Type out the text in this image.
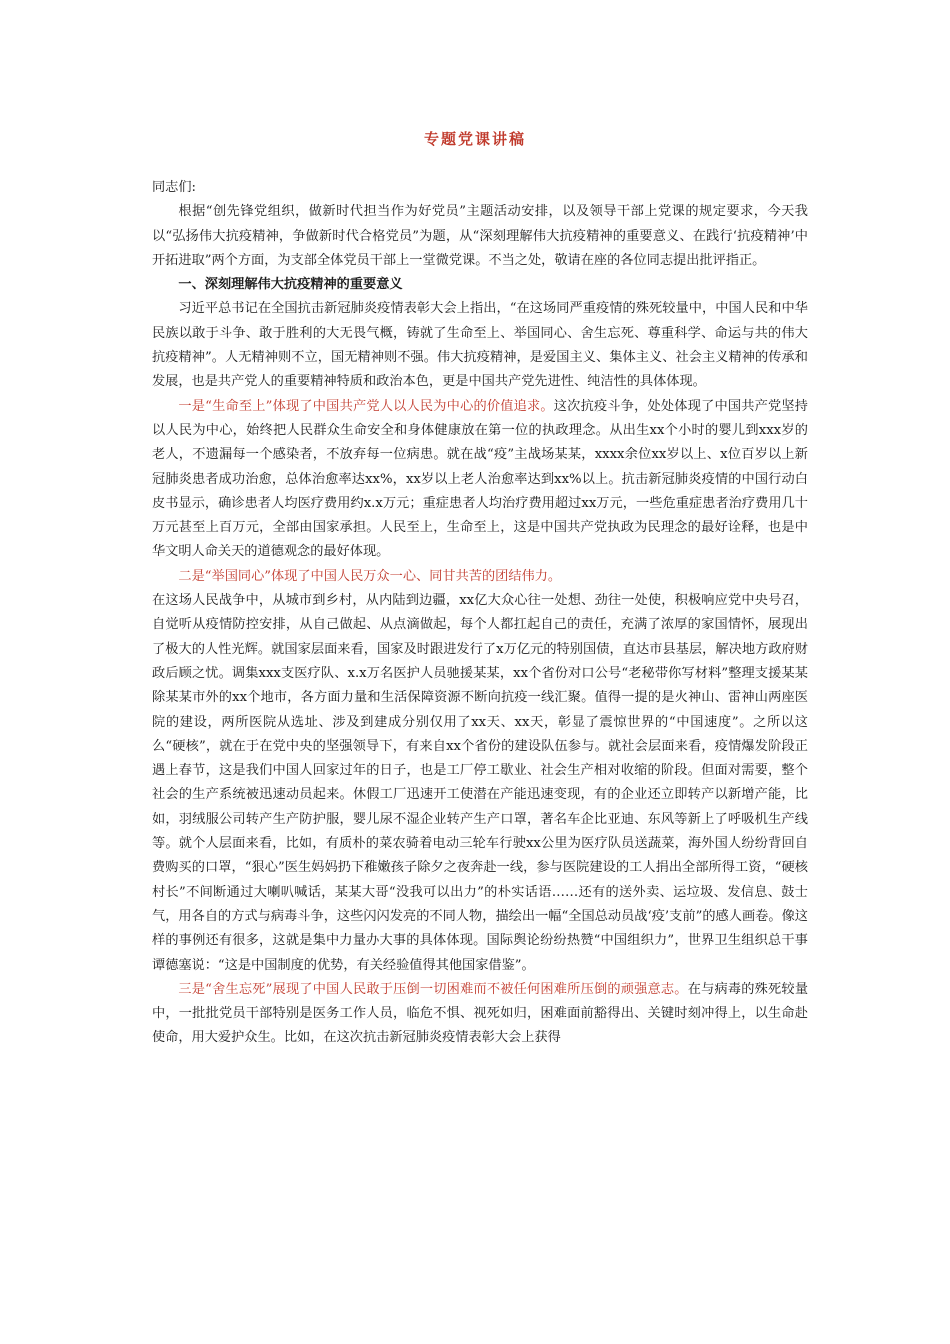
专题党课讲稿

同志们:

根据“创先锋党组织，做新时代担当作为好党员”主题活动安排，以及领导干部上党课的规定要求，今天我以“弘扬伟大抗疫精神，争做新时代合格党员”为题，从“深刻理解伟大抗疫精神的重要意义、在践行‘抗疫精神’中开拓进取”两个方面，为支部全体党员干部上一堂微党课。不当之处，敬请在座的各位同志提出批评指正。

一、深刻理解伟大抗疫精神的重要意义

习近平总书记在全国抗击新冠肺炎疫情表彰大会上指出，“在这场同严重疫情的殊死较量中，中国人民和中华民族以敢于斗争、敢于胜利的大无畏气概，铸就了生命至上、举国同心、舍生忘死、尊重科学、命运与共的伟大抗疫精神”。人无精神则不立，国无精神则不强。伟大抗疫精神，是爱国主义、集体主义、社会主义精神的传承和发展，也是共产党人的重要精神特质和政治本色，更是中国共产党先进性、纯洁性的具体体现。

一是“生命至上”体现了中国共产党人以人民为中心的价值追求。这次抗疫斗争，处处体现了中国共产党坚持以人民为中心，始终把人民群众生命安全和身体健康放在第一位的执政理念。从出生xx个小时的婴儿到xxx岁的老人，不遗漏每一个感染者，不放弃每一位病患。就在战“疫”主战场某某，xxxx余位xx岁以上、x位百岁以上新冠肺炎患者成功治愈，总体治愈率达xx%，xx岁以上老人治愈率达到xx%以上。抗击新冠肺炎疫情的中国行动白皮书显示，确诊患者人均医疗费用约x.x万元；重症患者人均治疗费用超过xx万元，一些危重症患者治疗费用几十万元甚至上百万元，全部由国家承担。人民至上，生命至上，这是中国共产党执政为民理念的最好诠释，也是中华文明人命关天的道德观念的最好体现。

二是“举国同心”体现了中国人民万众一心、同甘共苦的团结伟力。

在这场人民战争中，从城市到乡村，从内陆到边疆，xx亿大众心往一处想、劲往一处使，积极响应党中央号召，自觉听从疫情防控安排，从自己做起、从点滴做起，每个人都扛起自己的责任，充满了浓厚的家国情怀，展现出了极大的人性光辉。就国家层面来看，国家及时跟进发行了x万亿元的特别国债，直达市县基层，解决地方政府财政后顾之忧。调集xxx支医疗队、x.x万名医护人员驰援某某，xx个省份对口公号“老秘带你写材料”整理支援某某除某某市外的xx个地市，各方面力量和生活保障资源不断向抗疫一线汇聚。值得一提的是火神山、雷神山两座医院的建设，两所医院从选址、涉及到建成分别仅用了xx天、xx天，彰显了震惊世界的“中国速度”。之所以这么“硬核”，就在于在党中央的坚强领导下，有来自xx个省份的建设队伍参与。就社会层面来看，疫情爆发阶段正遇上春节，这是我们中国人回家过年的日子，也是工厂停工歇业、社会生产相对收缩的阶段。但面对需要，整个社会的生产系统被迅速动员起来。休假工厂迅速开工使潜在产能迅速变现，有的企业还立即转产以新增产能，比如，羽绒服公司转产生产防护服，婴儿尿不湿企业转产生产口罩，著名车企比亚迪、东风等新上了呼吸机生产线等。就个人层面来看，比如，有质朴的菜农骑着电动三轮车行驶xx公里为医疗队员送蔬菜，海外国人纷纷背回自费购买的口罩，“狠心”医生妈妈扔下稚嫩孩子除夕之夜奔赴一线，参与医院建设的工人捐出全部所得工资，“硬核村长”不间断通过大喇叭喊话，某某大哥“没我可以出力”的朴实话语……还有的送外卖、运垃圾、发信息、鼓士气，用各自的方式与病毒斗争，这些闪闪发亮的不同人物，描绘出一幅“全国总动员战‘疫’支前”的感人画卷。像这样的事例还有很多，这就是集中力量办大事的具体体现。国际舆论纷纷热赞“中国组织力”，世界卫生组织总干事谭德塞说：“这是中国制度的优势，有关经验值得其他国家借鉴”。

三是“舍生忘死”展现了中国人民敢于压倒一切困难而不被任何困难所压倒的顽强意志。在与病毒的殊死较量中，一批批党员干部特别是医务工作人员，临危不惧、视死如归，困难面前豁得出、关键时刻冲得上，以生命赴使命，用大爱护众生。比如，在这次抗击新冠肺炎疫情表彰大会上获得
